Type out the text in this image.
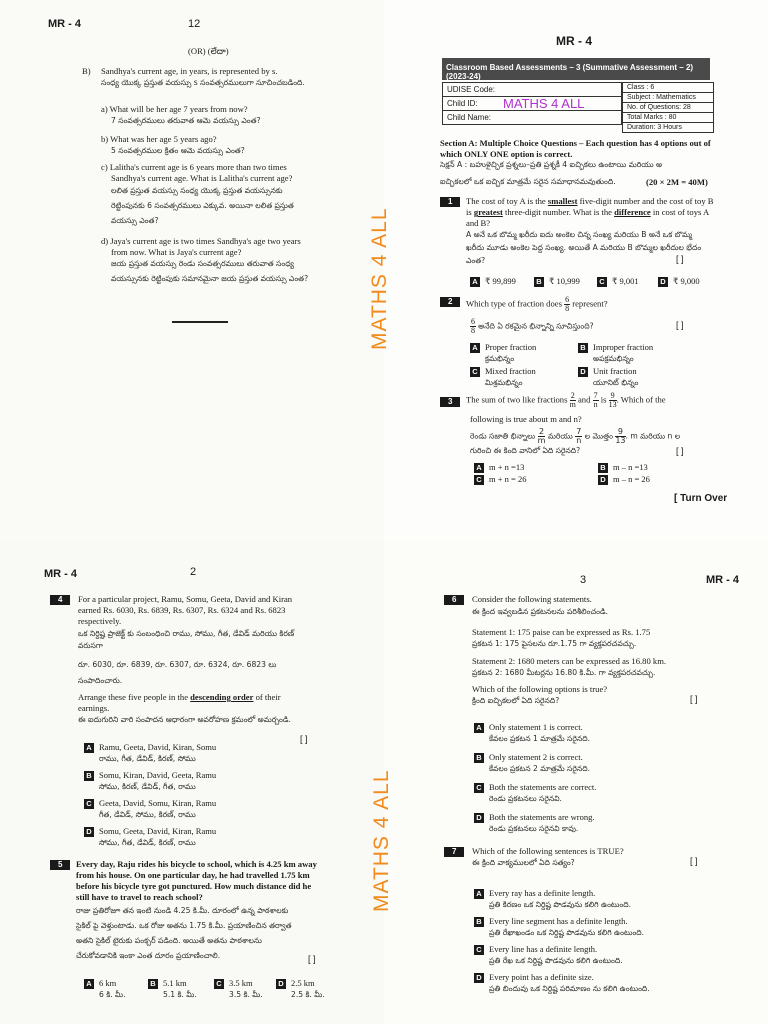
MR - 4	12
(OR) (లేదా)
B) Sandhya's current age, in years, is represented by s.
సంధ్య యొక్క ప్రస్తుత వయస్సు s సంవత్సరములుగా సూచించబడింది.
a) What will be her age 7 years from now?
7 సంవత్సరములు తరువాత ఆమె వయస్సు ఎంత?
b) What was her age 5 years ago?
5 సంవత్సరముల క్రితం ఆమె వయస్సు ఎంత?
c) Lalitha's current age is 6 years more than two times
Sandhya's current age. What is Lalitha's current age?
లలిత ప్రస్తుత వయస్సు సంధ్య యొక్క ప్రస్తుత వయస్సునకు
రెట్టింపునకు 6 సంవత్సరములు ఎక్కువ. అయినా లలిత ప్రస్తుత
వయస్సు ఎంత?
d) Jaya's current age is two times Sandhya's age two years
from now. What is Jaya's current age?
జయ ప్రస్తుత వయస్సు రెండు సంవత్సరములు తరువాత సంధ్య
వయస్సునకు రెట్టింపుకు సమానమైనా జయ ప్రస్తుత వయస్సు ఎంత?	MATHS 4 ALL
MR - 4
Classroom Based Assessments – 3 (Summative Assessment – 2) (2023-24)
UDISE Code:
Child ID: MATHS 4 ALL

Child Name:
Class : 6
Subject : Mathematics
No. of Questions: 28
Total Marks : 80
Duration: 3 Hours
Section A: Multiple Choice Questions – Each question has 4 options out of which ONLY ONE option is correct.
సెక్షన్ A : బహుళైచ్ఛిక ప్రశ్నలు–ప్రతి ప్రశ్నకీ 4 ఐచ్ఛికలు ఉంటాయి మరియు అ
ఐచ్ఛికలలో ఒక ఐచ్ఛిక మాత్రమే సరైన సమాధానమవుతుంది.	(20 × 2M = 40M)
1	The cost of toy A is the smallest five-digit number and the cost of toy B is greatest three-digit number. What is the difference in cost of toys A and B?
A అనే ఒక బొమ్మ ఖరీదు ఐదు అంకెల చిన్న సంఖ్య మరియు B అనే ఒక బొమ్మ
ఖరీదు మూడు అంకెల పెద్ద సంఖ్య. అయితే A మరియు B బొమ్మల ఖరీదుల భేదం
ఎంత?	[ ]
A ₹ 99,899	B ₹ 10,999	C ₹ 9,001	D ₹ 9,000
2	Which type of fraction does $\frac{6}{8}$ represent?
$\frac{6}{8}$ అనేది ఏ రకమైన భిన్నాన్ని సూచిస్తుంది?	[ ]
A Proper fraction
క్రమభిన్నం
B Improper fraction
అపక్రమభిన్నం
C Mixed fraction
మిశ్రమభిన్నం
D Unit fraction
యూనిట్ భిన్నం
3	The sum of two like fractions $\frac{2}{m}$ and $\frac{7}{n}$ is $\frac{9}{13}$ . Which of the
following is true about m and n?
రెండు సజాతి భిన్నాలు $\frac{2}{m}$ మరియు $\frac{7}{n}$ ల మొత్తం $\frac{9}{13}$ . m మరియు n ల
గురించి ఈ కింది వానిలో ఏది సరైనది?	[ ]
A m + n =13	B m – n =13
C m + n = 26	D m – n = 26
[ Turn Over
MR - 4	2
4	For a particular project, Ramu, Somu, Geeta, David and Kiran
earned Rs. 6030, Rs. 6839, Rs. 6307, Rs. 6324 and Rs. 6823
respectively.
ఒక నిర్దిష్ట ప్రాజెక్ట్ కు సంబంధించి రాము, సోము, గీత, డేవిడ్ మరియు కిరణ్
వరుసగా
రూ. 6030, రూ. 6839, రూ. 6307, రూ. 6324, రూ. 6823 లు
సంపాదించారు.
Arrange these five people in the descending order of their
earnings.
ఈ ఐదుగురిని వారి సంపాదన ఆధారంగా అవరోహణ క్రమంలో అమర్చండి.
[ ]
A Ramu, Geeta, David, Kiran, Somu
రాము, గీత, డేవిడ్, కిరణ్, సోము
B Somu, Kiran, David, Geeta, Ramu
సోము, కిరణ్, డేవిడ్, గీత, రాము
C Geeta, David, Somu, Kiran, Ramu
గీత, డేవిడ్, సోము, కిరణ్, రాము
D Somu, Geeta, David, Kiran, Ramu
సోము, గీత, డేవిడ్, కిరణ్, రాము
5	Every day, Raju rides his bicycle to school, which is 4.25 km away
from his house. On one particular day, he had travelled 1.75 km
before his bicycle tyre got punctured. How much distance did he
still have to travel to reach school?
రాజు ప్రతిరోజూ తన ఇంటి నుండి 4.25 కి.మీ. దూరంలో ఉన్న పాఠశాలకు
సైకిల్ పై వెళ్తుంటాడు. ఒక రోజు అతను 1.75 కి.మీ. ప్రయాణించిన తర్వాత
అతని సైకిల్ టైరుకు పంక్చర్ పడింది. అయితే అతను పాఠశాలను
చేరుకోవడానికి ఇంకా ఎంత దూరం ప్రయాణించాలి.	[ ]
A 6 km
6 కి. మీ.
B 5.1 km
5.1 కి. మీ.
C 3.5 km
3.5 కి. మీ.
D 2.5 km
2.5 కి. మీ.
MATHS 4 ALL
3	MR - 4
6	Consider the following statements.
ఈ క్రింద ఇవ్వబడిన ప్రకటనలను పరిశీలించండి.
Statement 1: 175 paise can be expressed as Rs. 1.75
ప్రకటన 1: 175 పైసలను రూ.1.75 గా వ్యక్తపరచవచ్చు.
Statement 2: 1680 meters can be expressed as 16.80 km.
ప్రకటన 2: 1680 మీటర్లను 16.80 కి.మీ. గా వ్యక్తపరచవచ్చు.
Which of the following options is true?
క్రింది ఐచ్ఛికలలో ఏది సరైనది?	[ ]
A Only statement 1 is correct.
కేవలం ప్రకటన 1 మాత్రమే సరైనది.
B Only statement 2 is correct.
కేవలం ప్రకటన 2 మాత్రమే సరైనది.
C Both the statements are correct.
రెండు ప్రకటనలు సరైనవి.
D Both the statements are wrong.
రెండు ప్రకటనలు సరైనవి కావు.
7	Which of the following sentences is TRUE?
ఈ క్రింది వాక్యములలో ఏది సత్యం?	[ ]
A Every ray has a definite length.
ప్రతి కిరణం ఒక నిర్దిష్ట పొడవును కలిగి ఉంటుంది.
B Every line segment has a definite length.
ప్రతి రేఖాఖండం ఒక నిర్దిష్ట పొడవును కలిగి ఉంటుంది.
C Every line has a definite length.
ప్రతి రేఖ ఒక నిర్దిష్ట పొడవును కలిగి ఉంటుంది.
D Every point has a definite size.
ప్రతి బిందువు ఒక నిర్దిష్ట పరిమాణం ను కలిగి ఉంటుంది.
